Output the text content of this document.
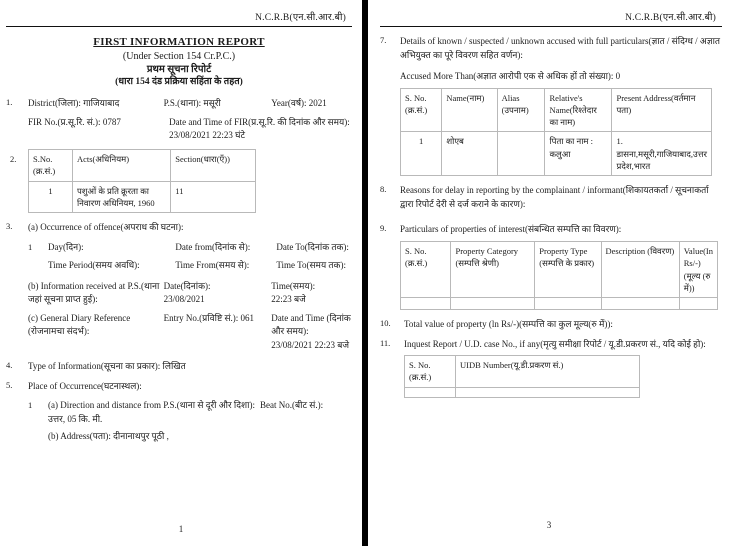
N.C.R.B(एन.सी.आर.बी)
FIRST INFORMATION REPORT
(Under Section 154 Cr.P.C.)
प्रथम सूचना रिपोर्ट
(धारा 154 दंड प्रक्रिया सहिंता के तहत)
1. District(जिला): गाजियाबाद	P.S.(थाना): मसूरी	Year(वर्ष): 2021
FIR No.(प्र.सू.रि. सं.): 0787	Date and Time of FIR(प्र.सू.रि. की दिनांक और समय):
23/08/2021 22:23 घंटे
2. S.No.(क्र.सं.)	Acts(अधिनियम)	Section(धारा(एँ))
1	पशुओं के प्रति क्रूरता का निवारण अधिनियम, 1960	11
3. (a) Occurrence of offence(अपराध की घटना):
1 Day(दिन):	Date from(दिनांक से):	Date To(दिनांक तक):
Time Period(समय अवधि):	Time From(समय से):	Time To(समय तक):
(b) Information received at P.S.(थाना जहां सूचना प्राप्त हुई):
Date(दिनांक):
23/08/2021
Time(समय):
22:23 बजे
(c) General Diary Reference (रोजनामचा संदर्भ):
Entry No.(प्रविष्टि सं.): 061	Date and Time (दिनांक और समय):
23/08/2021 22:23 बजे
4. Type of Information(सूचना का प्रकार): लिखित
5. Place of Occurrence(घटनास्थल):
1 (a) Direction and distance from P.S.(थाना से दूरी और दिशा): उत्तर, 05 कि. मी.
Beat No.(बीट सं.):
(b) Address(पता): दीनानाथपुर पूठी ,
1
N.C.R.B(एन.सी.आर.बी)
7. Details of known / suspected / unknown accused with full particulars(ज्ञात / संदिग्ध / अज्ञात अभियुक्त का पूरे विवरण सहित वर्णन):
Accused More Than(अज्ञात आरोपी एक से अधिक हों तो संख्या): 0
S. No. (क्र.सं.)	Name(नाम)	Alias (उपनाम)	Relative's Name(रिश्तेदार का नाम)	Present Address(वर्तमान पता)
1	शोएब		पिता का नाम : कलुआ	1. डासना,मसूरी,गाजियाबाद,उत्तर प्रदेश,भारत
8. Reasons for delay in reporting by the complainant / informant(शिकायतकर्ता / सूचनाकर्ता द्वारा रिपोर्ट देरी से दर्ज कराने के कारण):
9. Particulars of properties of interest(संबन्धित सम्पत्ति का विवरण):
S. No. (क्र.सं.)	Property Category (सम्पत्ति श्रेणी)	Property Type (सम्पत्ति के प्रकार)	Description (विवरण)	Value(In Rs/-)(मूल्य (रु में))

10. Total value of property (ln Rs/-)(सम्पत्ति का कुल मूल्य(रु में)):
11. Inquest Report / U.D. case No., if any(मृत्यु समीक्षा रिपोर्ट / यू.डी.प्रकरण सं., यदि कोई हो):
S. No. (क्र.सं.)	UIDB Number(यू.डी.प्रकरण सं.)

3
